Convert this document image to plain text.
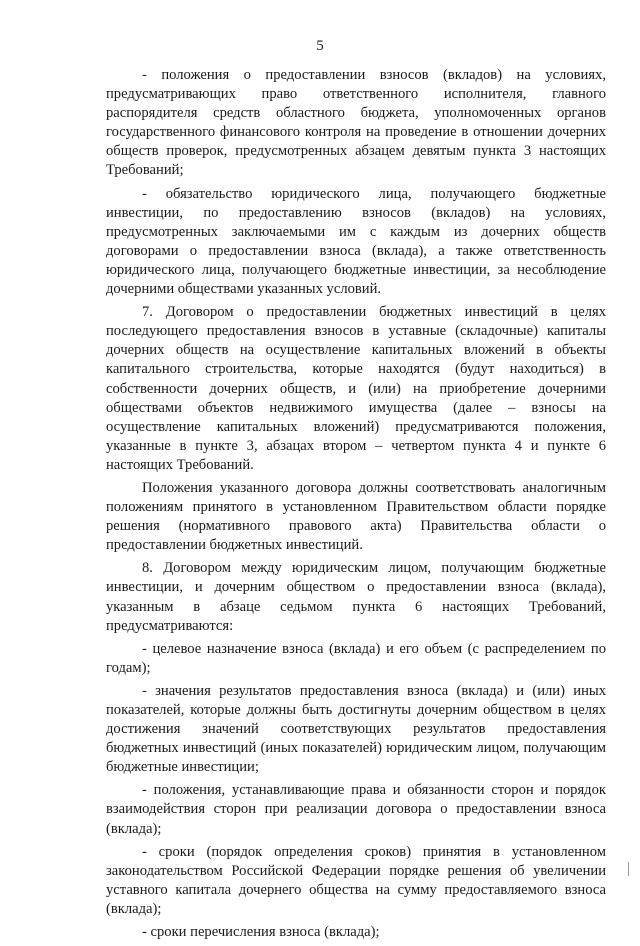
5

- положения о предоставлении взносов (вкладов) на условиях, предусматривающих право ответственного исполнителя, главного распорядителя средств областного бюджета, уполномоченных органов государственного финансового контроля на проведение в отношении дочерних обществ проверок, предусмотренных абзацем девятым пункта 3 настоящих Требований;

- обязательство юридического лица, получающего бюджетные инвестиции, по предоставлению взносов (вкладов) на условиях, предусмотренных заключаемыми им с каждым из дочерних обществ договорами о предоставлении взноса (вклада), а также ответственность юридического лица, получающего бюджетные инвестиции, за несоблюдение дочерними обществами указанных условий.

7. Договором о предоставлении бюджетных инвестиций в целях последующего предоставления взносов в уставные (складочные) капиталы дочерних обществ на осуществление капитальных вложений в объекты капитального строительства, которые находятся (будут находиться) в собственности дочерних обществ, и (или) на приобретение дочерними обществами объектов недвижимого имущества (далее – взносы на осуществление капитальных вложений) предусматриваются положения, указанные в пункте 3, абзацах втором – четвертом пункта 4 и пункте 6 настоящих Требований.

Положения указанного договора должны соответствовать аналогичным положениям принятого в установленном Правительством области порядке решения (нормативного правового акта) Правительства области о предоставлении бюджетных инвестиций.

8. Договором между юридическим лицом, получающим бюджетные инвестиции, и дочерним обществом о предоставлении взноса (вклада), указанным в абзаце седьмом пункта 6 настоящих Требований, предусматриваются:

- целевое назначение взноса (вклада) и его объем (с распределением по годам);

- значения результатов предоставления взноса (вклада) и (или) иных показателей, которые должны быть достигнуты дочерним обществом в целях достижения значений соответствующих результатов предоставления бюджетных инвестиций (иных показателей) юридическим лицом, получающим бюджетные инвестиции;

- положения, устанавливающие права и обязанности сторон и порядок взаимодействия сторон при реализации договора о предоставлении взноса (вклада);

- сроки (порядок определения сроков) принятия в установленном законодательством Российской Федерации порядке решения об увеличении уставного капитала дочернего общества на сумму предоставляемого взноса (вклада);

- сроки перечисления взноса (вклада);
